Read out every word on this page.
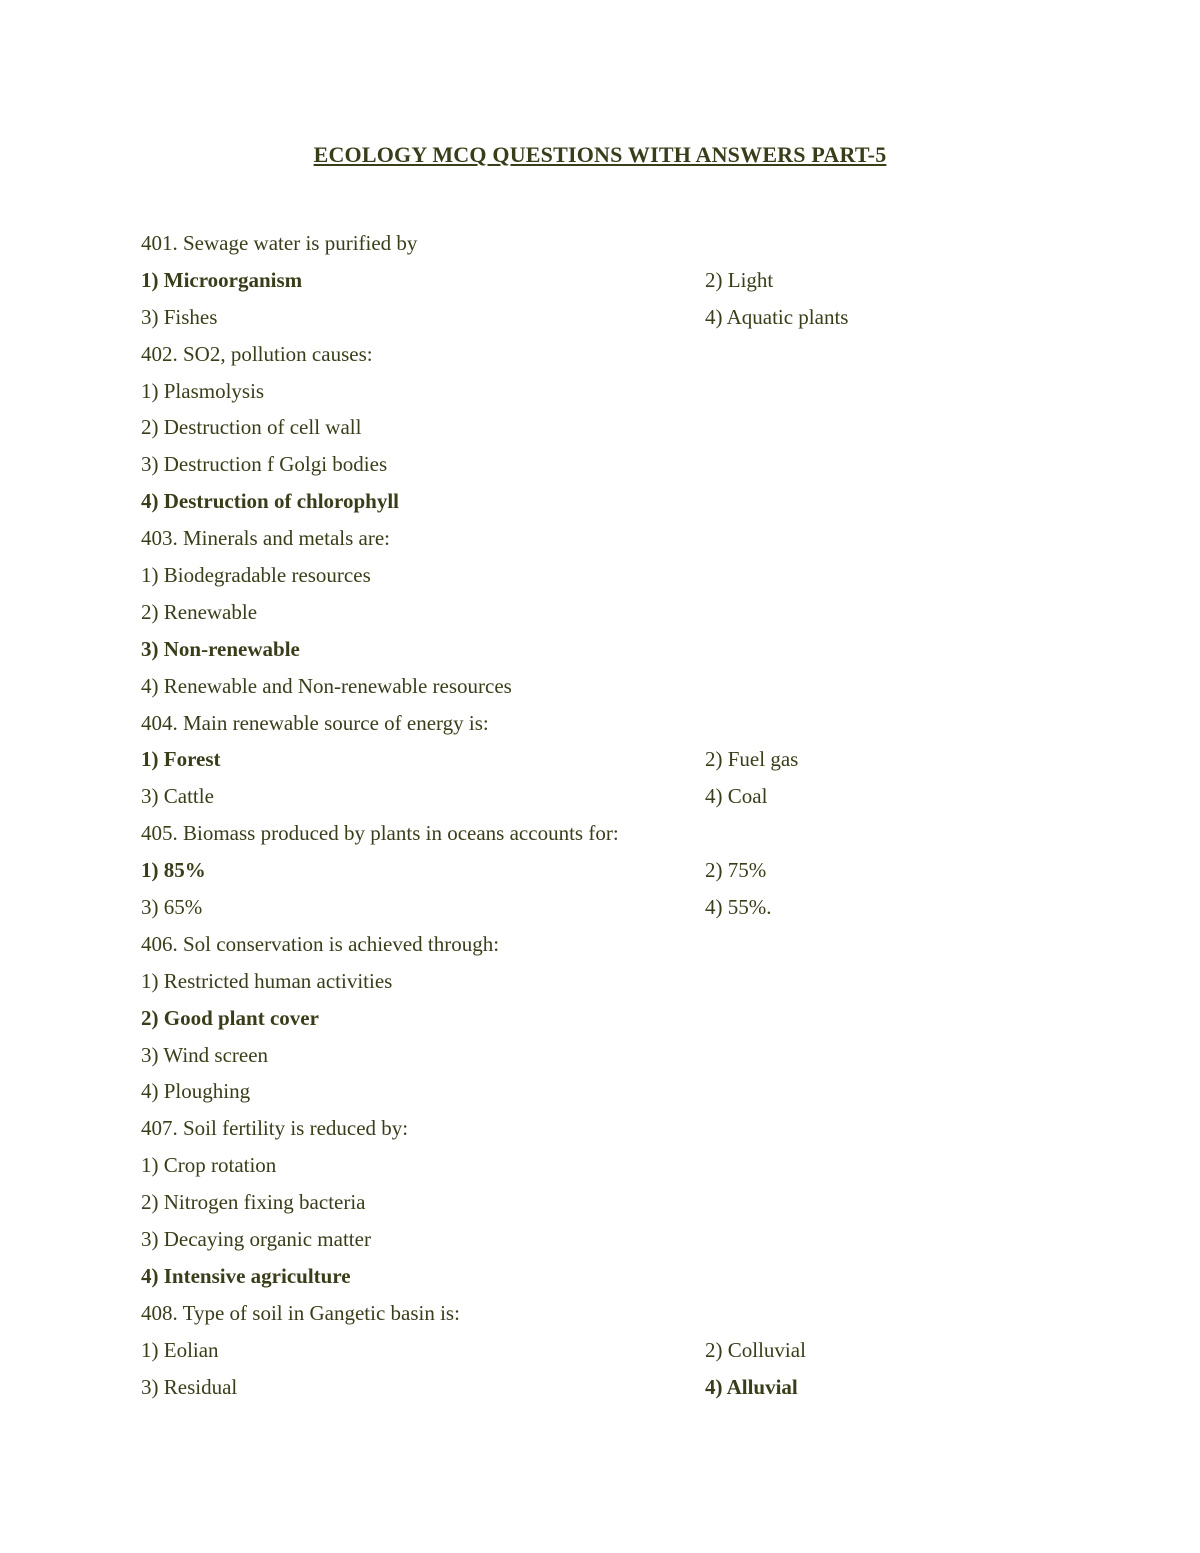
ECOLOGY MCQ QUESTIONS WITH ANSWERS PART-5
401. Sewage water is purified by
1) Microorganism	2) Light
3) Fishes	4) Aquatic plants
402. SO2, pollution causes:
1) Plasmolysis
2) Destruction of cell wall
3) Destruction f Golgi bodies
4) Destruction of chlorophyll
403. Minerals and metals are:
1) Biodegradable resources
2) Renewable
3) Non-renewable
4) Renewable and Non-renewable resources
404. Main renewable source of energy is:
1) Forest	2) Fuel gas
3) Cattle	4) Coal
405. Biomass produced by plants in oceans accounts for:
1) 85%	2) 75%
3) 65%	4) 55%.
406. Sol conservation is achieved through:
1) Restricted human activities
2) Good plant cover
3) Wind screen
4) Ploughing
407. Soil fertility is reduced by:
1) Crop rotation
2) Nitrogen fixing bacteria
3) Decaying organic matter
4) Intensive agriculture
408. Type of soil in Gangetic basin is:
1) Eolian	2) Colluvial
3) Residual	4) Alluvial
